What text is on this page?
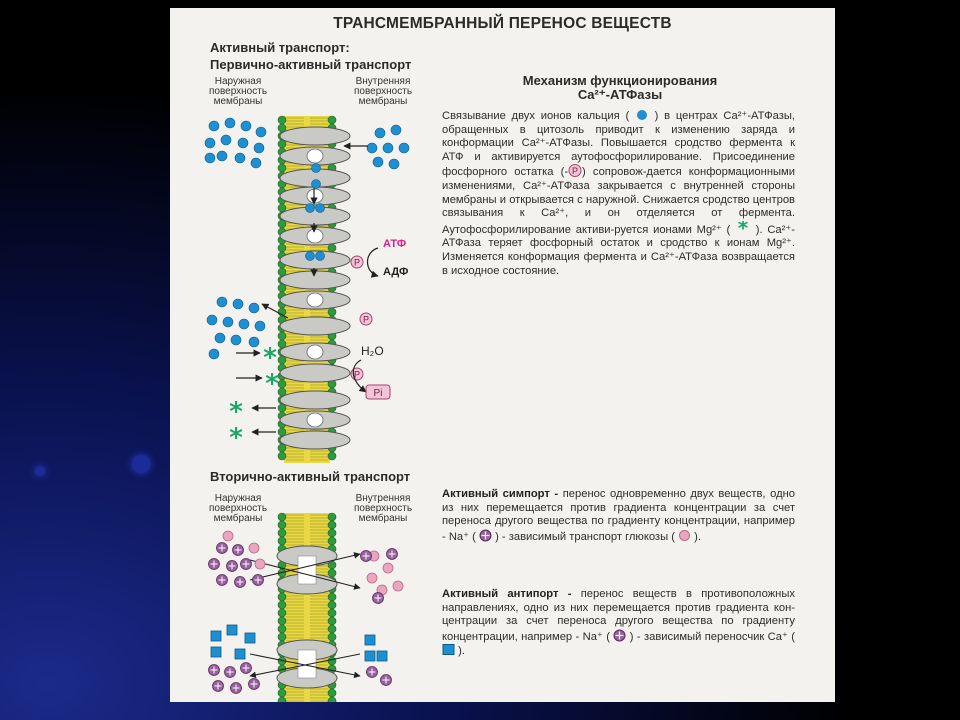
ТРАНСМЕМБРАННЫЙ ПЕРЕНОС ВЕЩЕСТВ
Активный транспорт:
Первично-активный транспорт
Наружная
поверхность
мембраны
Внутренняя
поверхность
мембраны
Механизм функционирования
Ca²⁺-АТФазы
Связывание двух ионов кальция (  ) в центрах Ca²⁺-АТФазы, обращенных в цитозоль приводит к изменению заряда и конформации Ca²⁺-АТФазы. Повышается сродство фермента к АТФ и активируется аутофосфорилирование. Присоединение фосфорного остатка (- P ) сопровож-дается конформационными изменениями, Ca²⁺-АТФаза закрывается с внутренней стороны мембраны и открывается с наружной. Снижается сродство центров связывания к Ca²⁺, и он отделяется от фермента. Аутофосфорилирование активи-руется ионами Mg²⁺ ( * ). Ca²⁺-АТФаза теряет фосфорный остаток и сродство к ионам Mg²⁺. Изменяется конформация фермента и Ca²⁺-АТФаза возвращается в исходное состояние.
Вторично-активный транспорт
Наружная
поверхность
мембраны
Внутренняя
поверхность
мембраны
Активный симпорт - перенос одновременно двух веществ, одно из них перемещается против градиента концентрации за счет переноса другого вещества по градиенту концентрации, например - Na⁺ (  ) - зависимый транспорт глюкозы (  ).
Активный антипорт - перенос веществ в противоположных направлениях, одно из них перемещается против градиента кон-центрации за счет переноса другого вещества по градиенту концентрации, например - Na⁺ (  ) - зависимый переносчик Ca⁺ (  ).
АТФ
АДФ
H₂O
P
P
P
Pi
*
*
*
*
